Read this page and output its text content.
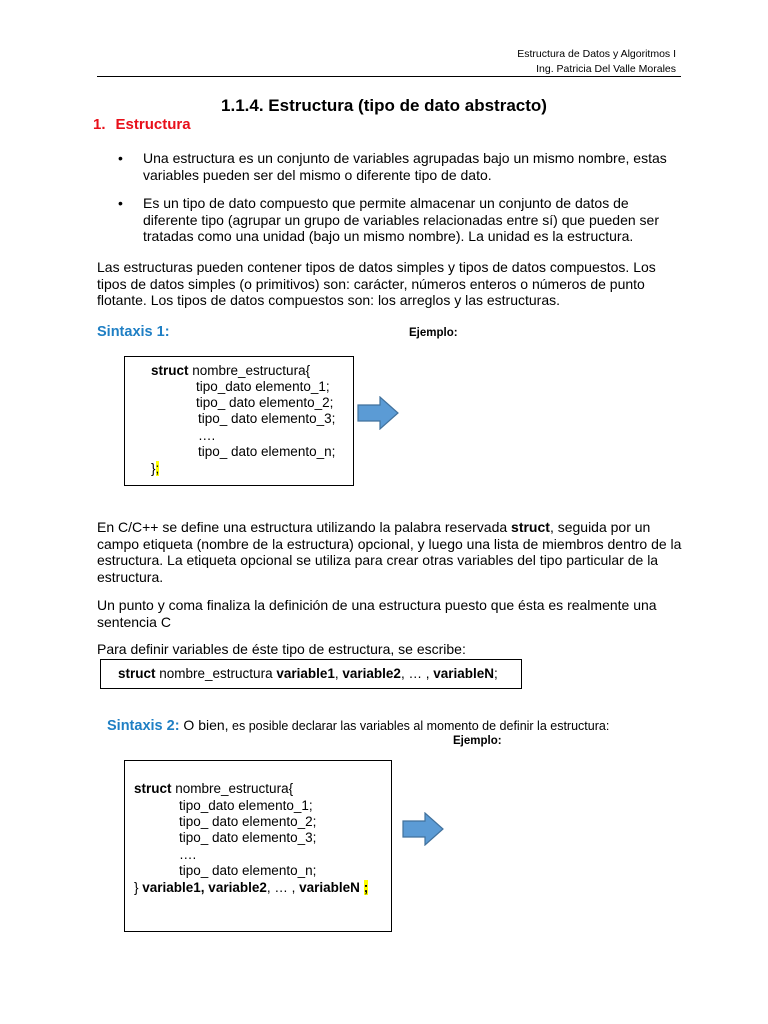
Estructura de Datos y Algoritmos I
Ing. Patricia Del Valle Morales
1.1.4. Estructura (tipo de dato abstracto)
1. Estructura
• Una estructura es un conjunto de variables agrupadas bajo un mismo nombre, estas variables pueden ser del mismo o diferente tipo de dato.
• Es un tipo de dato compuesto que permite almacenar un conjunto de datos de diferente tipo (agrupar un grupo de variables relacionadas entre sí) que pueden ser tratadas como una unidad (bajo un mismo nombre). La unidad es la estructura.

Las estructuras pueden contener tipos de datos simples y tipos de datos compuestos. Los tipos de datos simples (o primitivos) son: carácter, números enteros o números de punto flotante. Los tipos de datos compuestos son: los arreglos y las estructuras.

Sintaxis 1:	Ejemplo:
struct nombre_estructura{
tipo_dato elemento_1;
tipo_ dato elemento_2;
tipo_ dato elemento_3;
….
tipo_ dato elemento_n;
};

En C/C++ se define una estructura utilizando la palabra reservada struct, seguida por un campo etiqueta (nombre de la estructura) opcional, y luego una lista de miembros dentro de la estructura. La etiqueta opcional se utiliza para crear otras variables del tipo particular de la estructura.

Un punto y coma finaliza la definición de una estructura puesto que ésta es realmente una sentencia C

Para definir variables de éste tipo de estructura, se escribe:

struct nombre_estructura variable1, variable2, … , variableN;
Sintaxis 2: O bien, es posible declarar las variables al momento de definir la estructura:
Ejemplo:
struct nombre_estructura{
tipo_dato elemento_1;
tipo_ dato elemento_2;
tipo_ dato elemento_3;
….
tipo_ dato elemento_n;
} variable1, variable2, … , variableN ;
